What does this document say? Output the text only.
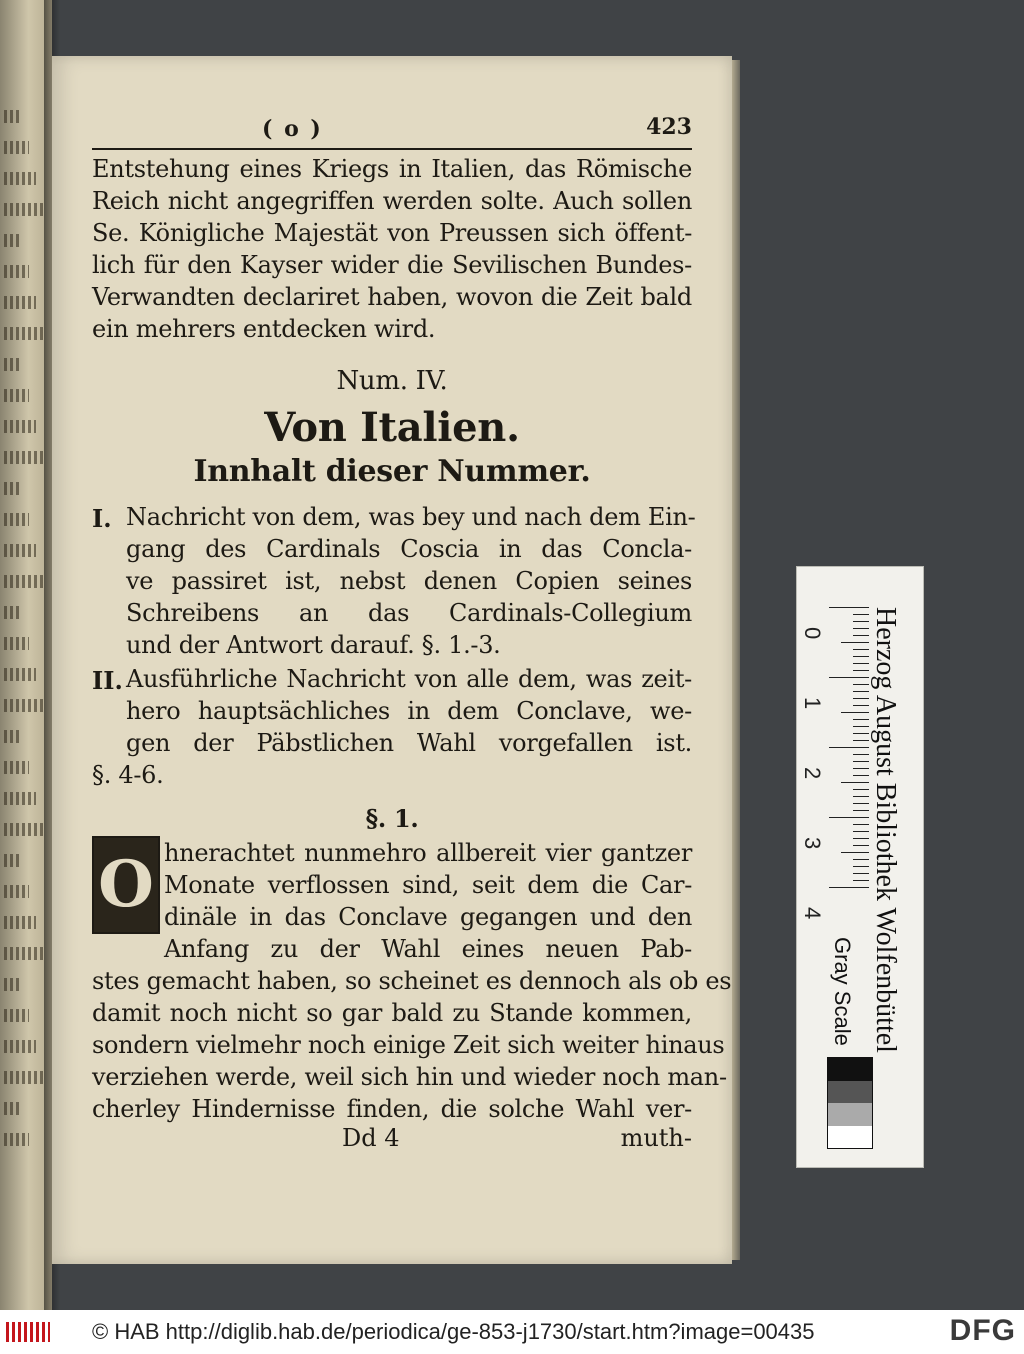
( o )	423
Entstehung eines Kriegs in Italien, das Römische
Reich nicht angegriffen werden solte. Auch sollen
Se. Königliche Majestät von Preussen sich öffent-
lich für den Kayser wider die Sevilischen Bundes-
Verwandten declariret haben, wovon die Zeit bald
ein mehrers entdecken wird.
Num. IV.
Von Italien.
Innhalt dieser Nummer.
I. Nachricht von dem, was bey und nach dem Ein-
gang des Cardinals Coscia in das Concla-
ve passiret ist, nebst denen Copien seines
Schreibens an das Cardinals-Collegium
und der Antwort darauf. §. 1.-3.
II. Ausführliche Nachricht von alle dem, was zeit-
hero hauptsächliches in dem Conclave, we-
gen der Päbstlichen Wahl vorgefallen ist.
§. 4-6.
§. 1.
O hnerachtet nunmehro allbereit vier gantzer
Monate verflossen sind, seit dem die Car-
dinäle in das Conclave gegangen und den
Anfang zu der Wahl eines neuen Pab-
stes gemacht haben, so scheinet es dennoch als ob es
damit noch nicht so gar bald zu Stande kommen,
sondern vielmehr noch einige Zeit sich weiter hinaus
verziehen werde, weil sich hin und wieder noch man-
cherley Hindernisse finden, die solche Wahl ver-
Dd 4	muth-
0
1
2
3
4 Herzog August Bibliothek Wolfenbüttel
Gray Scale
© HAB http://diglib.hab.de/periodica/ge-853-j1730/start.htm?image=00435	DFG
